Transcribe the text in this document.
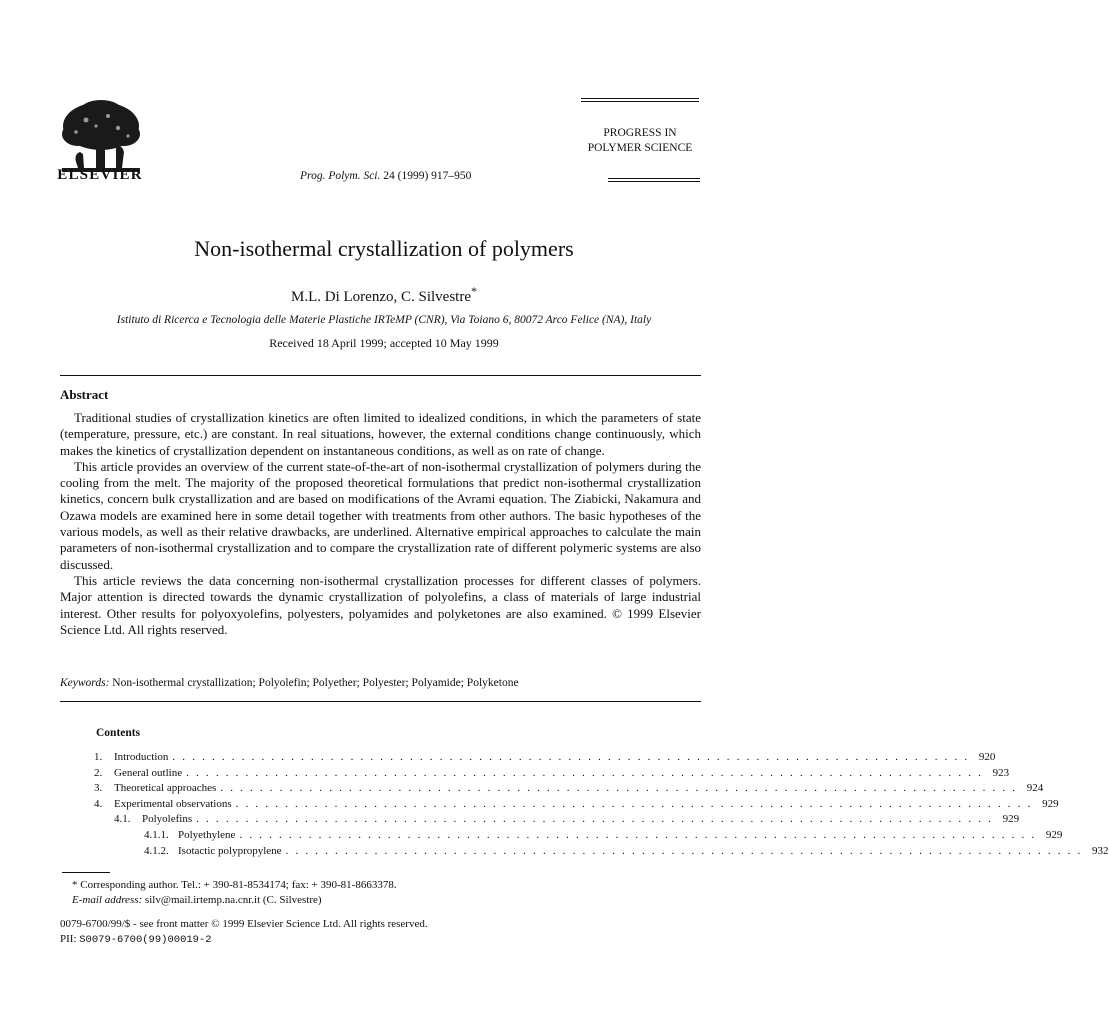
ELSEVIER	Prog. Polym. Sci. 24 (1999) 917–950
PROGRESS IN
POLYMER SCIENCE
Non-isothermal crystallization of polymers
M.L. Di Lorenzo, C. Silvestre*
Istituto di Ricerca e Tecnologia delle Materie Plastiche IRTeMP (CNR), Via Toiano 6, 80072 Arco Felice (NA), Italy
Received 18 April 1999; accepted 10 May 1999
Abstract

Traditional studies of crystallization kinetics are often limited to idealized conditions, in which the parameters of state (temperature, pressure, etc.) are constant. In real situations, however, the external conditions change continuously, which makes the kinetics of crystallization dependent on instantaneous conditions, as well as on rate of change.

This article provides an overview of the current state-of-the-art of non-isothermal crystallization of polymers during the cooling from the melt. The majority of the proposed theoretical formulations that predict non-isothermal crystallization kinetics, concern bulk crystallization and are based on modifications of the Avrami equation. The Ziabicki, Nakamura and Ozawa models are examined here in some detail together with treatments from other authors. The basic hypotheses of the various models, as well as their relative drawbacks, are underlined. Alternative empirical approaches to calculate the main parameters of non-isothermal crystallization and to compare the crystallization rate of different polymeric systems are also discussed.

This article reviews the data concerning non-isothermal crystallization processes for different classes of polymers. Major attention is directed towards the dynamic crystallization of polyolefins, a class of materials of large industrial interest. Other results for polyoxyolefins, polyesters, polyamides and polyketones are also examined. © 1999 Elsevier Science Ltd. All rights reserved.

Keywords: Non-isothermal crystallization; Polyolefin; Polyether; Polyester; Polyamide; Polyketone
Contents
1.	Introduction . . . . . . . . . . . . . . . . . . . . . . . . . . . . . . . . . . . . . . . . . . . . . . . . . . . . . . . . . . . . . . . . . . . . . . . . . . . . . . . . . 920
2.	General outline . . . . . . . . . . . . . . . . . . . . . . . . . . . . . . . . . . . . . . . . . . . . . . . . . . . . . . . . . . . . . . . . . . . . . . . . . . . . . . . . . 923
3.	Theoretical approaches . . . . . . . . . . . . . . . . . . . . . . . . . . . . . . . . . . . . . . . . . . . . . . . . . . . . . . . . . . . . . . . . . . . . . . . . . . . . . . . . . 924
4.	Experimental observations . . . . . . . . . . . . . . . . . . . . . . . . . . . . . . . . . . . . . . . . . . . . . . . . . . . . . . . . . . . . . . . . . . . . . . . . . . . . . . . . . 929
4.1.	Polyolefins . . . . . . . . . . . . . . . . . . . . . . . . . . . . . . . . . . . . . . . . . . . . . . . . . . . . . . . . . . . . . . . . . . . . . . . . . . . . . . . . . 929
4.1.1. Polyethylene . . . . . . . . . . . . . . . . . . . . . . . . . . . . . . . . . . . . . . . . . . . . . . . . . . . . . . . . . . . . . . . . . . . . . . . . . . . . . . . . . 929
4.1.2. Isotactic polypropylene . . . . . . . . . . . . . . . . . . . . . . . . . . . . . . . . . . . . . . . . . . . . . . . . . . . . . . . . . . . . . . . . . . . . . . . . . . . . . . . . . 932
* Corresponding author. Tel.: + 390-81-8534174; fax: + 390-81-8663378.
E-mail address: silv@mail.irtemp.na.cnr.it (C. Silvestre)
0079-6700/99/$ - see front matter © 1999 Elsevier Science Ltd. All rights reserved.
PII: S0079-6700(99)00019-2
